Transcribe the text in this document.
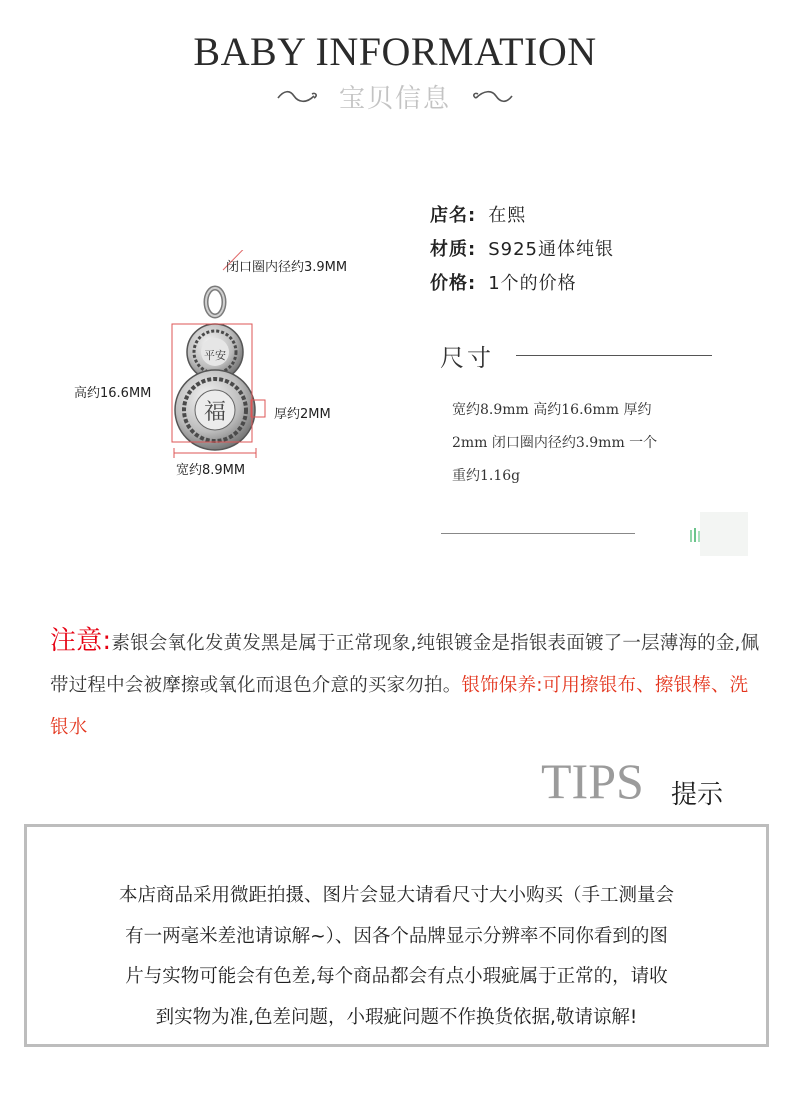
BABY INFORMATION
宝贝信息
平安
福
闭口圈内径约3.9MM
高约16.6MM
厚约2MM
宽约8.9MM
店名: 在熙
材质: S925通体纯银
价格: 1个的价格
尺寸
宽约8.9mm 高约16.6mm 厚约
2mm 闭口圈内径约3.9mm 一个
重约1.16g
注意:素银会氧化发黄发黑是属于正常现象,纯银镀金是指银表面镀了一层薄海的金,佩带过程中会被摩擦或氧化而退色介意的买家勿拍。银饰保养:可用擦银布、擦银棒、洗银水
TIPS 提示
本店商品采用微距拍摄、图片会显大请看尺寸大小购买（手工测量会
有一两毫米差池请谅解~）、因各个品牌显示分辨率不同你看到的图
片与实物可能会有色差,每个商品都会有点小瑕疵属于正常的，请收
到实物为准,色差问题，小瑕疵问题不作换货依据,敬请谅解!
